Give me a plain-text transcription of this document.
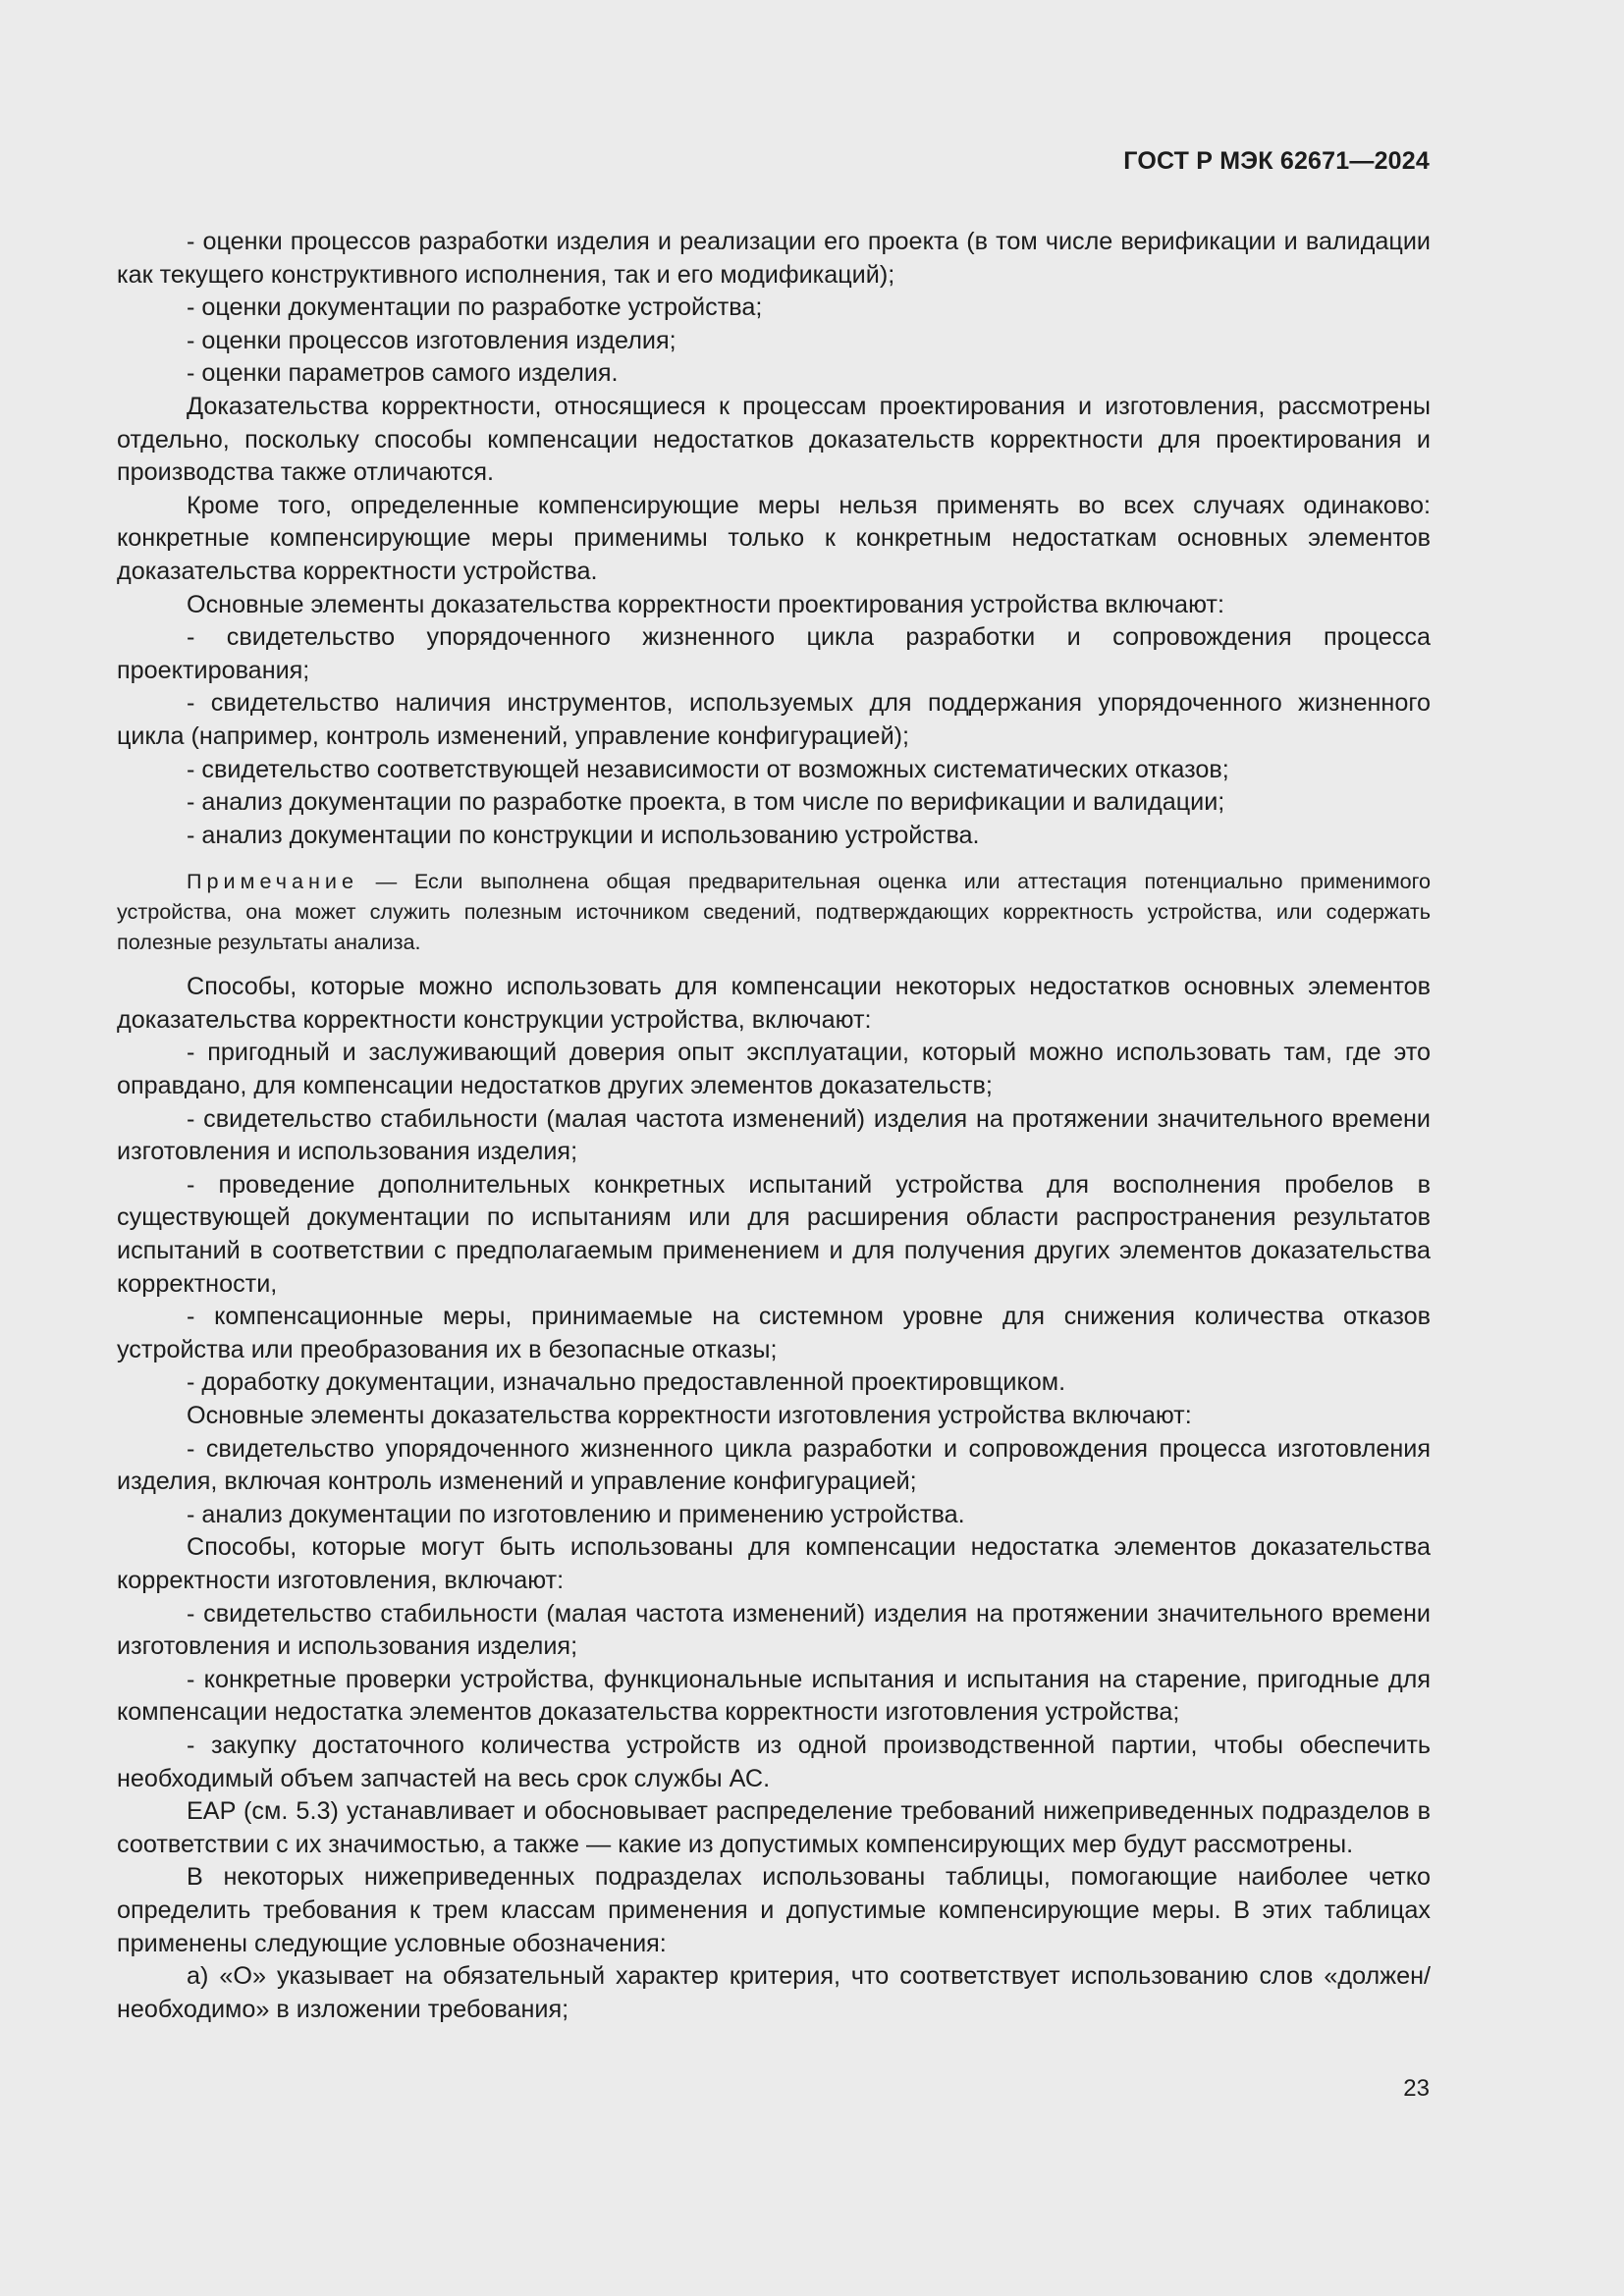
ГОСТ Р МЭК 62671—2024

- оценки процессов разработки изделия и реализации его проекта (в том числе верификации и валидации как текущего конструктивного исполнения, так и его модификаций);

- оценки документации по разработке устройства;

- оценки процессов изготовления изделия;

- оценки параметров самого изделия.

Доказательства корректности, относящиеся к процессам проектирования и изготовления, рассмотрены отдельно, поскольку способы компенсации недостатков доказательств корректности для проектирования и производства также отличаются.

Кроме того, определенные компенсирующие меры нельзя применять во всех случаях одинаково: конкретные компенсирующие меры применимы только к конкретным недостаткам основных элементов доказательства корректности устройства.

Основные элементы доказательства корректности проектирования устройства включают:

- свидетельство упорядоченного жизненного цикла разработки и сопровождения процесса проектирования;

- свидетельство наличия инструментов, используемых для поддержания упорядоченного жизненного цикла (например, контроль изменений, управление конфигурацией);

- свидетельство соответствующей независимости от возможных систематических отказов;

- анализ документации по разработке проекта, в том числе по верификации и валидации;

- анализ документации по конструкции и использованию устройства.

Примечание — Если выполнена общая предварительная оценка или аттестация потенциально применимого устройства, она может служить полезным источником сведений, подтверждающих корректность устройства, или содержать полезные результаты анализа.

Способы, которые можно использовать для компенсации некоторых недостатков основных элементов доказательства корректности конструкции устройства, включают:

- пригодный и заслуживающий доверия опыт эксплуатации, который можно использовать там, где это оправдано, для компенсации недостатков других элементов доказательств;

- свидетельство стабильности (малая частота изменений) изделия на протяжении значительного времени изготовления и использования изделия;

- проведение дополнительных конкретных испытаний устройства для восполнения пробелов в существующей документации по испытаниям или для расширения области распространения результатов испытаний в соответствии с предполагаемым применением и для получения других элементов доказательства корректности,

- компенсационные меры, принимаемые на системном уровне для снижения количества отказов устройства или преобразования их в безопасные отказы;

- доработку документации, изначально предоставленной проектировщиком.

Основные элементы доказательства корректности изготовления устройства включают:

- свидетельство упорядоченного жизненного цикла разработки и сопровождения процесса изготовления изделия, включая контроль изменений и управление конфигурацией;

- анализ документации по изготовлению и применению устройства.

Способы, которые могут быть использованы для компенсации недостатка элементов доказательства корректности изготовления, включают:

- свидетельство стабильности (малая частота изменений) изделия на протяжении значительного времени изготовления и использования изделия;

- конкретные проверки устройства, функциональные испытания и испытания на старение, пригодные для компенсации недостатка элементов доказательства корректности изготовления устройства;

- закупку достаточного количества устройств из одной производственной партии, чтобы обеспечить необходимый объем запчастей на весь срок службы АС.

EAP (см. 5.3) устанавливает и обосновывает распределение требований нижеприведенных подразделов в соответствии с их значимостью, а также — какие из допустимых компенсирующих мер будут рассмотрены.

В некоторых нижеприведенных подразделах использованы таблицы, помогающие наиболее четко определить требования к трем классам применения и допустимые компенсирующие меры. В этих таблицах применены следующие условные обозначения:

а) «О» указывает на обязательный характер критерия, что соответствует использованию слов «должен/необходимо» в изложении требования;

23
